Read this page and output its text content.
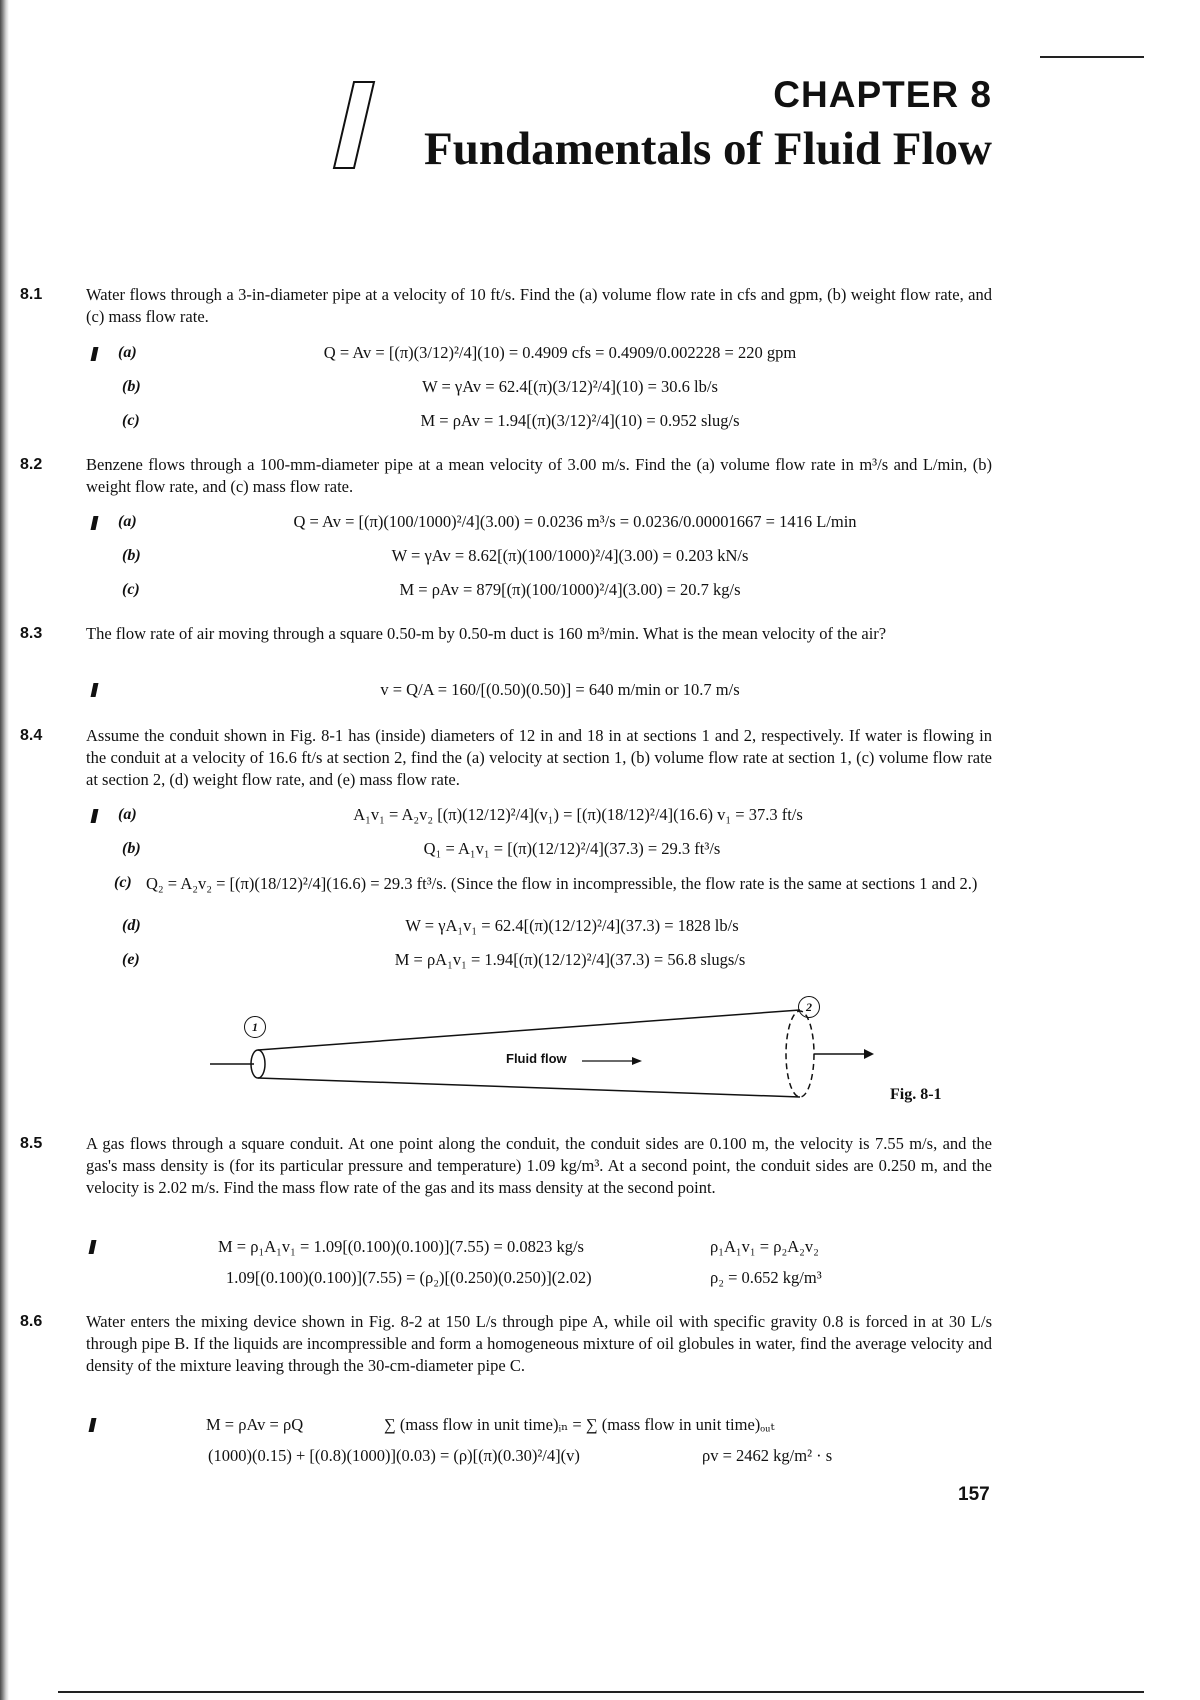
CHAPTER 8
Fundamentals of Fluid Flow
8.1	Water flows through a 3-in-diameter pipe at a velocity of 10 ft/s. Find the (a) volume flow rate in cfs and gpm, (b) weight flow rate, and (c) mass flow rate.
(a)	Q = Av = [(π)(3/12)²/4](10) = 0.4909 cfs = 0.4909/0.002228 = 220 gpm
(b)	W = γAv = 62.4[(π)(3/12)²/4](10) = 30.6 lb/s
(c)	M = ρAv = 1.94[(π)(3/12)²/4](10) = 0.952 slug/s
8.2	Benzene flows through a 100-mm-diameter pipe at a mean velocity of 3.00 m/s. Find the (a) volume flow rate in m³/s and L/min, (b) weight flow rate, and (c) mass flow rate.
(a)	Q = Av = [(π)(100/1000)²/4](3.00) = 0.0236 m³/s = 0.0236/0.00001667 = 1416 L/min
(b)	W = γAv = 8.62[(π)(100/1000)²/4](3.00) = 0.203 kN/s
(c)	M = ρAv = 879[(π)(100/1000)²/4](3.00) = 20.7 kg/s
8.3	The flow rate of air moving through a square 0.50-m by 0.50-m duct is 160 m³/min. What is the mean velocity of the air?
v = Q/A = 160/[(0.50)(0.50)] = 640 m/min or 10.7 m/s
8.4	Assume the conduit shown in Fig. 8-1 has (inside) diameters of 12 in and 18 in at sections 1 and 2, respectively. If water is flowing in the conduit at a velocity of 16.6 ft/s at section 2, find the (a) velocity at section 1, (b) volume flow rate at section 1, (c) volume flow rate at section 2, (d) weight flow rate, and (e) mass flow rate.
(a)	A₁v₁ = A₂v₂ [(π)(12/12)²/4](v₁) = [(π)(18/12)²/4](16.6) v₁ = 37.3 ft/s
(b)	Q₁ = A₁v₁ = [(π)(12/12)²/4](37.3) = 29.3 ft³/s
(c) Q₂ = A₂v₂ = [(π)(18/12)²/4](16.6) = 29.3 ft³/s. (Since the flow in incompressible, the flow rate is the same at sections 1 and 2.)
(d)	W = γA₁v₁ = 62.4[(π)(12/12)²/4](37.3) = 1828 lb/s
(e)	M = ρA₁v₁ = 1.94[(π)(12/12)²/4](37.3) = 56.8 slugs/s
1
2
Fluid flow
Fig. 8-1
8.5	A gas flows through a square conduit. At one point along the conduit, the conduit sides are 0.100 m, the velocity is 7.55 m/s, and the gas's mass density is (for its particular pressure and temperature) 1.09 kg/m³. At a second point, the conduit sides are 0.250 m, and the velocity is 2.02 m/s. Find the mass flow rate of the gas and its mass density at the second point.
M = ρ₁A₁v₁ = 1.09[(0.100)(0.100)](7.55) = 0.0823 kg/s	ρ₁A₁v₁ = ρ₂A₂v₂
1.09[(0.100)(0.100)](7.55) = (ρ₂)[(0.250)(0.250)](2.02)	ρ₂ = 0.652 kg/m³
8.6	Water enters the mixing device shown in Fig. 8-2 at 150 L/s through pipe A, while oil with specific gravity 0.8 is forced in at 30 L/s through pipe B. If the liquids are incompressible and form a homogeneous mixture of oil globules in water, find the average velocity and density of the mixture leaving through the 30-cm-diameter pipe C.
M = ρAv = ρQ	∑ (mass flow in unit time)ᵢₙ = ∑ (mass flow in unit time)ₒᵤₜ
(1000)(0.15) + [(0.8)(1000)](0.03) = (ρ)[(π)(0.30)²/4](v)	ρv = 2462 kg/m² · s
157
